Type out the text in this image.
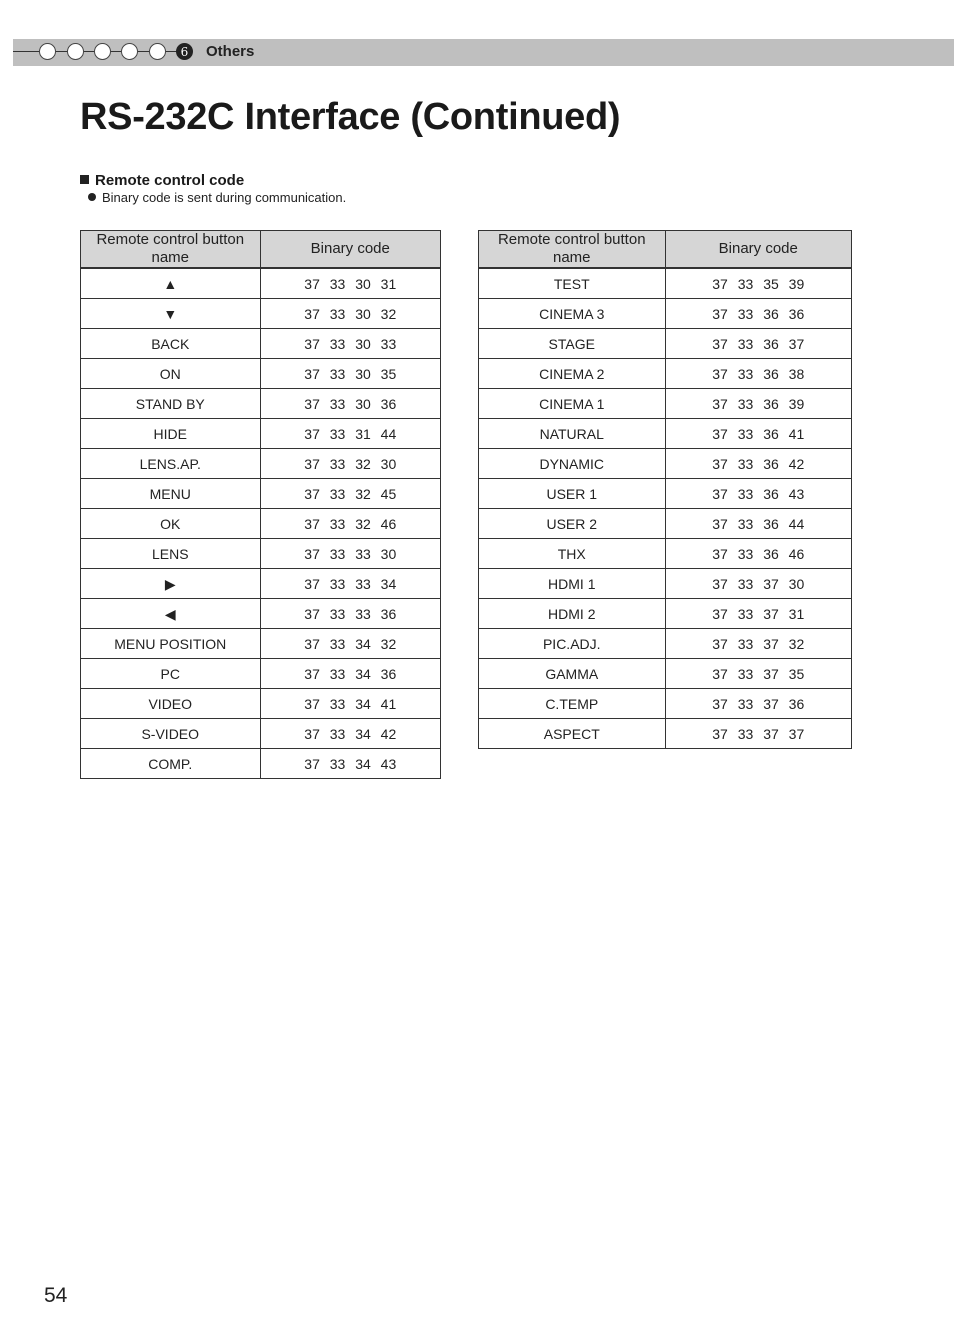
6	Others
RS-232C Interface (Continued)
Remote control code
Binary code is sent during communication.
Remote control button name	Binary code
▲	37 33 30 31
▼	37 33 30 32
BACK	37 33 30 33
ON	37 33 30 35
STAND BY	37 33 30 36
HIDE	37 33 31 44
LENS.AP.	37 33 32 30
MENU	37 33 32 45
OK	37 33 32 46
LENS	37 33 33 30
▶	37 33 33 34
◀	37 33 33 36
MENU POSITION	37 33 34 32
PC	37 33 34 36
VIDEO	37 33 34 41
S-VIDEO	37 33 34 42
COMP.	37 33 34 43
Remote control button name	Binary code
TEST	37 33 35 39
CINEMA 3	37 33 36 36
STAGE	37 33 36 37
CINEMA 2	37 33 36 38
CINEMA 1	37 33 36 39
NATURAL	37 33 36 41
DYNAMIC	37 33 36 42
USER 1	37 33 36 43
USER 2	37 33 36 44
THX	37 33 36 46
HDMI 1	37 33 37 30
HDMI 2	37 33 37 31
PIC.ADJ.	37 33 37 32
GAMMA	37 33 37 35
C.TEMP	37 33 37 36
ASPECT	37 33 37 37
54
